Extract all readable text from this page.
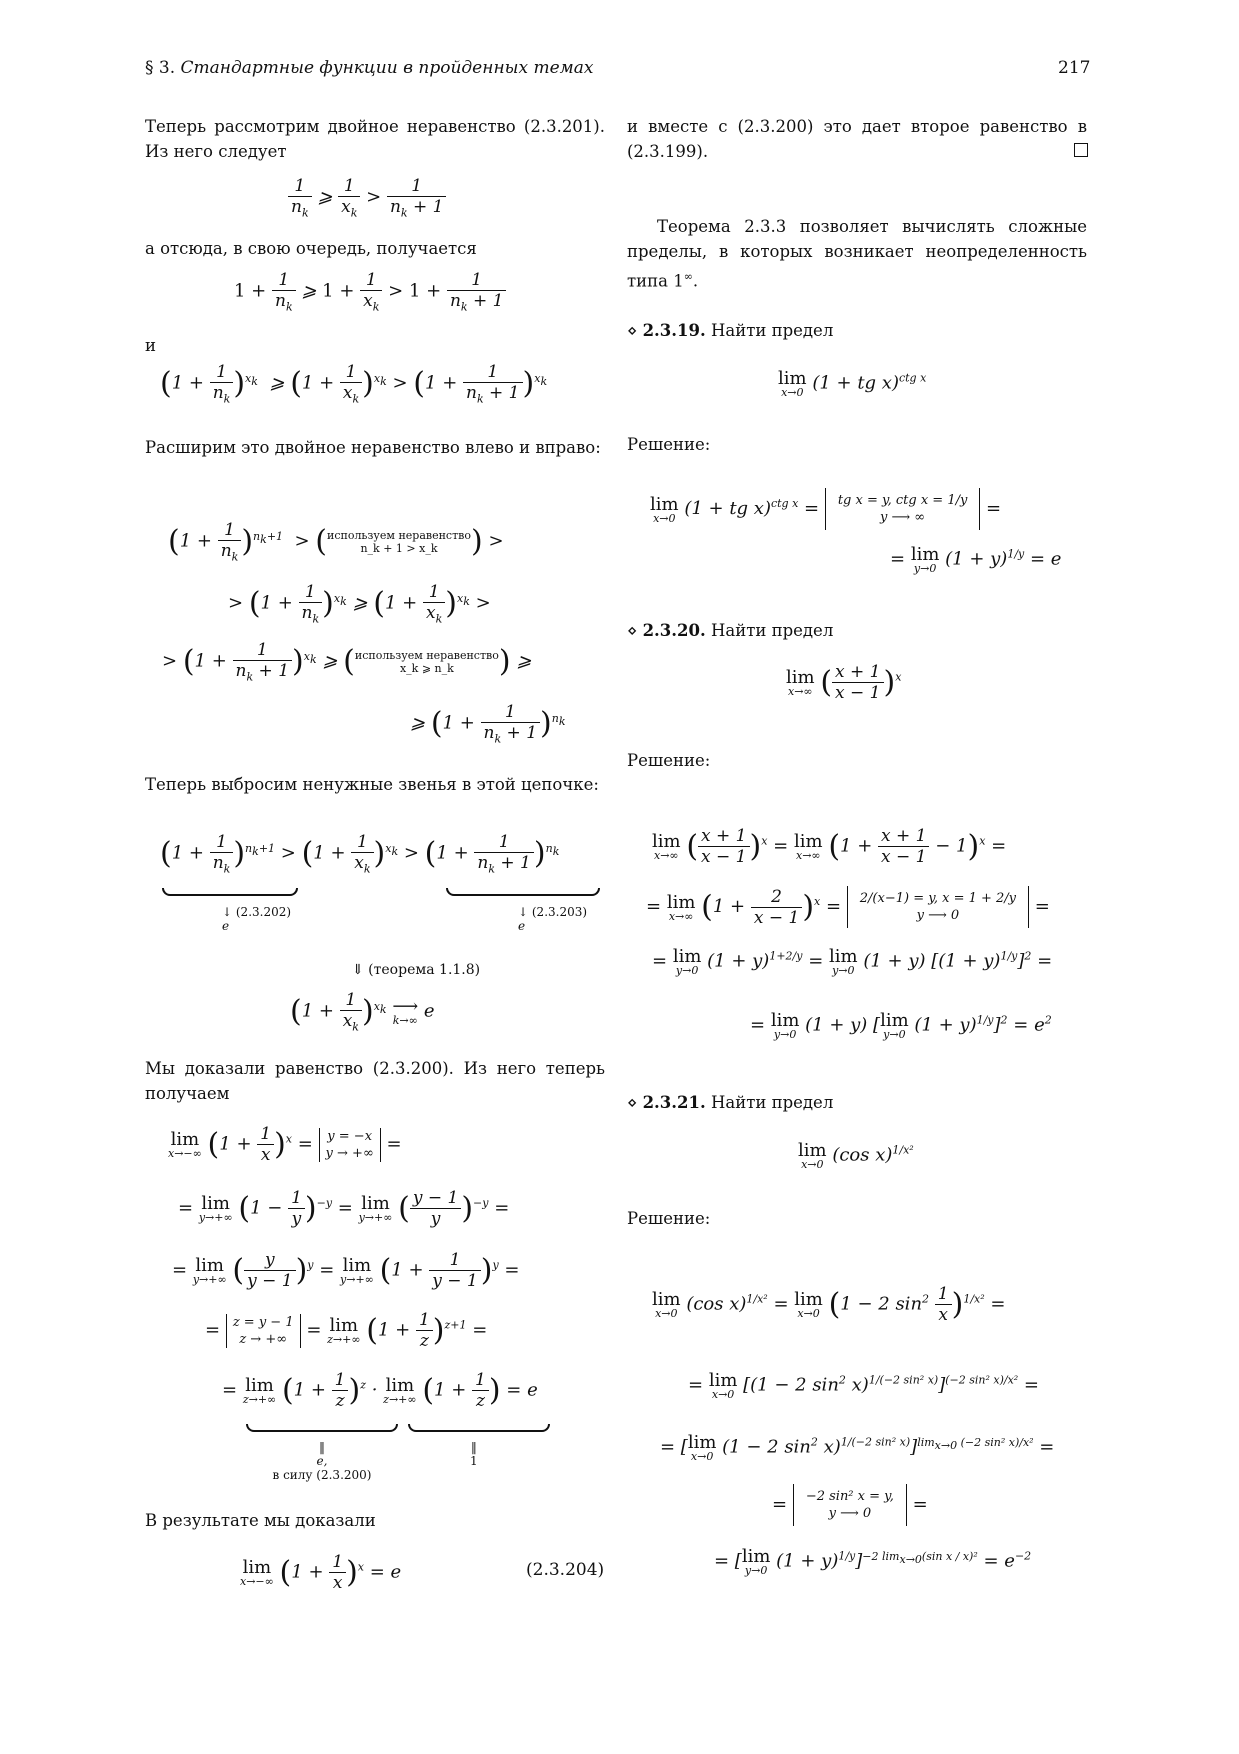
§ 3. Стандартные функции в пройденных темах	217

Теперь рассмотрим двойное неравенство (2.3.201). Из него следует

$\frac{1}{n_k}$ ⩾ $\frac{1}{x_k} > \frac{1}{n_k + 1}$

а отсюда, в свою очередь, получается

$1 + \frac{1}{n_k}$ ⩾ $1 + \frac{1}{x_k} > 1 + \frac{1}{n_k + 1}$

и

$(1 + \frac{1}{n_k} )^{x_k}$  ⩾ $(1 + \frac{1}{x_k} )^{x_k} > (1 + \frac{1}{n_k + 1} )^{x_k}$

Расширим это двойное неравенство влево и вправо:

$(1 + \frac{1}{n_k} )^{n_k+1}$  > (используем неравенство
n_k + 1 > x_k ) >
> $(1 + \frac{1}{n_k} )^{x_k}$ ⩾ $(1 + \frac{1}{x_k} )^{x_k}$ >
> $(1 + \frac{1}{n_k + 1} )^{x_k}$ ⩾ (используем неравенство
x_k ⩾ n_k ) ⩾
⩾ $(1 + \frac{1}{n_k + 1} )^{n_k}$

Теперь выбросим ненужные звенья в этой цепочке:

$(1 + \frac{1}{n_k} )^{n_k+1} > (1 + \frac{1}{x_k} )^{x_k} > (1 + \frac{1}{n_k + 1} )^{n_k}$
↓ (2.3.202)
e
↓ (2.3.203)
e
⇓ (теорема 1.1.8)
$(1 + \frac{1}{x_k} )^{x_k}$ ⟶
k→∞ e

Мы доказали равенство (2.3.200). Из него теперь получаем

lim
x→−∞ $(1 + \frac{1}{x} )^x = y = -x$
y → +∞ =
= lim
y→+∞ $(1 - \frac{1}{y} )^{-y} = \lim$
y→+∞ ( $\frac{y - 1}{y} )^{-y}$ =
= lim
y→+∞ ( $\frac{y}{y - 1} )^y = \lim$
y→+∞ $(1 + \frac{1}{y - 1} )^y$ =
= z = y − 1
z → +∞ = lim
z→+∞ $(1 + \frac{1}{z} )^{z+1}$ =
= lim
z→+∞ $(1 + \frac{1}{z} )^z \cdot \lim$
z→+∞ ($1 + \frac{1}{z}$ ) = e
‖
e,
в силу (2.3.200)
‖
1

В результате мы доказали

lim
x→−∞ $(1 + \frac{1}{x} )^x = e$	(2.3.204)

и вместе с (2.3.200) это дает второе равенство в (2.3.199).

Теорема 2.3.3 позволяет вычислять сложные пределы, в которых возникает неопределенность типа 1∞.

⋄ 2.3.19. Найти предел

lim
x→0 (1 + tg x)$^{ctg x}$

Решение:

lim
x→0 (1 + tg x)$^{ctg x}$ = tg x = y, ctg x = 1/y
y ⟶ ∞	=
= lim
y→0 $(1 + y)^{1/y} = e$

⋄ 2.3.20. Найти предел

lim
x→∞ ( $\frac{x + 1}{x - 1} )^x$

Решение:

lim
x→∞ ( $\frac{x + 1}{x - 1} )^x = \lim$
x→∞ $(1 + \frac{x + 1}{x - 1} - 1)^x$ =
= lim
x→∞ $(1 + \frac{2}{x - 1} )^x = 2/(x-1) = y$, x = 1 + 2/y
y ⟶ 0	=
= lim
y→0 $(1 + y)^{1+2/y} = \lim$
y→0 (1 + y) $[(1 + y)^{1/y}]^2$ =
= lim
y→0 (1 + y) [ lim
y→0 $(1 + y)^{1/y}]^2 = e^2$

⋄ 2.3.21. Найти предел

lim
x→0 (cos x)$^{1/x^2}$

Решение:

lim
x→0 (cos x)$^{1/x^2}$ = lim
x→0 (1 − 2 $\sin^2 \frac{1}{x} )^{1/x^2}$ =
= lim
x→0 [(1 − 2 $\sin^2 x)^{1/(-2 sin^2 x)}]^{(-2 sin^2 x)/x^2}$ =
= [ lim
x→0 (1 − 2 $\sin^2 x)^{1/(-2 sin^2 x)}]^{lim_{x\to 0} (-2 sin^2 x)/x^2}$ =
= −2 sin² x = y,
y ⟶ 0 =
= [ lim
y→0 $(1 + y)^{1/y}]^{-2 lim_{x\to 0}(sin x / x)^2} = e^{-2}$
